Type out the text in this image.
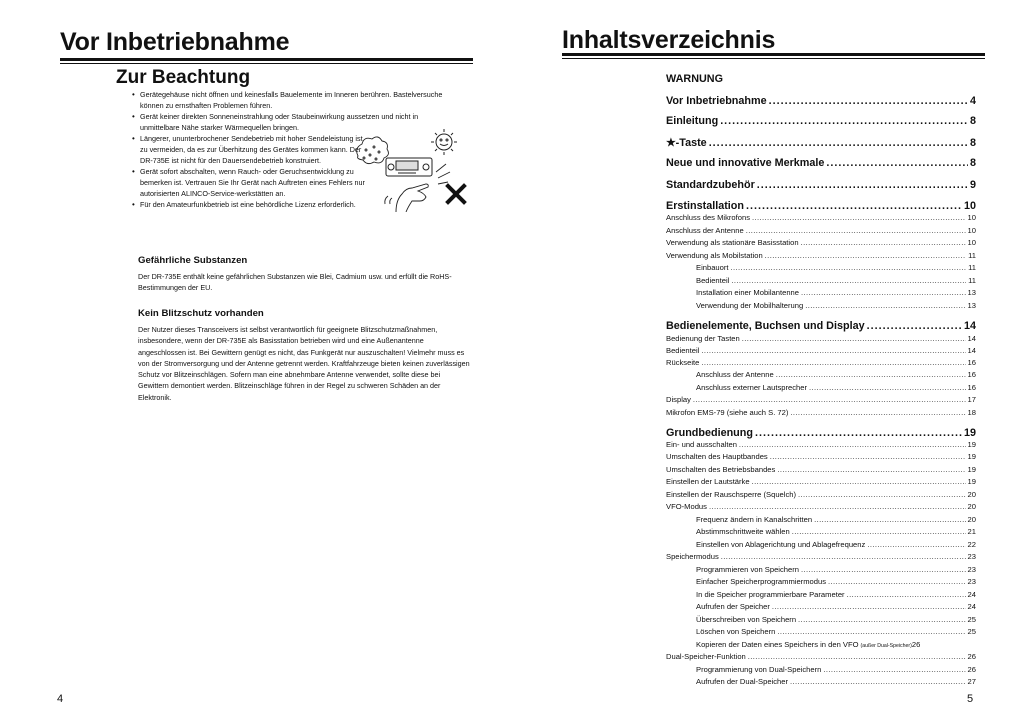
Vor Inbetriebnahme
Zur Beachtung
• Gerätegehäuse nicht öffnen und keinesfalls Bauelemente im Inneren berühren. Bastelversuche können zu ernsthaften Problemen führen.
• Gerät keiner direkten Sonneneinstrahlung oder Staubeinwirkung aussetzen und nicht in unmittelbare Nähe starker Wärmequellen bringen.
• Längerer, ununterbrochener Sendebetrieb mit hoher Sendeleistung ist zu vermeiden, da es zur Überhitzung des Gerätes kommen kann. Der DR-735E ist nicht für den Dauersendebetrieb konstruiert.
• Gerät sofort abschalten, wenn Rauch- oder Geruchsentwicklung zu bemerken ist. Vertrauen Sie Ihr Gerät nach Auftreten eines Fehlers nur autorisierten ALINCO-Service-werkstätten an.
• Für den Amateurfunkbetrieb ist eine behördliche Lizenz erforderlich.
Gefährliche Substanzen

Der DR-735E enthält keine gefährlichen Substanzen wie Blei, Cadmium usw. und erfüllt die RoHS-Bestimmungen der EU.

Kein Blitzschutz vorhanden

Der Nutzer dieses Transceivers ist selbst verantwortlich für geeignete Blitzschutzmaßnahmen, insbesondere, wenn der DR-735E als Basisstation betrieben wird und eine Außenantenne angeschlossen ist. Bei Gewittern genügt es nicht, das Funkgerät nur auszuschalten! Vielmehr muss es von der Stromversorgung und der Antenne getrennt werden. Kraftfahrzeuge bieten keinen zuverlässigen Schutz vor Blitzeinschlägen. Sofern man eine abnehmbare Antenne verwendet, sollte diese bei Gewittern demontiert werden. Blitzeinschläge führen in der Regel zu schweren Schäden an der Elektronik.

4
Inhaltsverzeichnis
WARNUNG
Vor Inbetriebnahme .....	4
Einleitung .....	8
★-Taste .....	8
Neue und innovative Merkmale .....	8
Standardzubehör .....	9
Erstinstallation .....	10
Anschluss des Mikrofons .....	10
Anschluss der Antenne .....	10
Verwendung als stationäre Basisstation .....	10
Verwendung als Mobilstation .....	11
Einbauort .....	11
Bedienteil .....	11
Installation einer Mobilantenne .....	13
Verwendung der Mobilhalterung .....	13
Bedienelemente, Buchsen und Display .....	14
Bedienung der Tasten .....	14
Bedienteil .....	14
Rückseite .....	16
Anschluss der Antenne .....	16
Anschluss externer Lautsprecher .....	16
Display .....	17
Mikrofon EMS-79 (siehe auch S. 72) .....	18
Grundbedienung .....	19
Ein- und ausschalten .....	19
Umschalten des Hauptbandes .....	19
Umschalten des Betriebsbandes .....	19
Einstellen der Lautstärke .....	19
Einstellen der Rauschsperre (Squelch) .....	20
VFO-Modus .....	20
Frequenz ändern in Kanalschritten .....	20
Abstimmschrittweite wählen .....	21
Einstellen von Ablagerichtung und Ablagefrequenz .....	22
Speichermodus .....	23
Programmieren von Speichern .....	23
Einfacher Speicherprogrammiermodus .....	23
In die Speicher programmierbare Parameter .....	24
Aufrufen der Speicher .....	24
Überschreiben von Speichern .....	25
Löschen von Speichern .....	25
Kopieren der Daten eines Speichers in den VFO (außer Dual-Speicher) 26
Dual-Speicher-Funktion .....	26
Programmierung von Dual-Speichern .....	26
Aufrufen der Dual-Speicher .....	27
5
